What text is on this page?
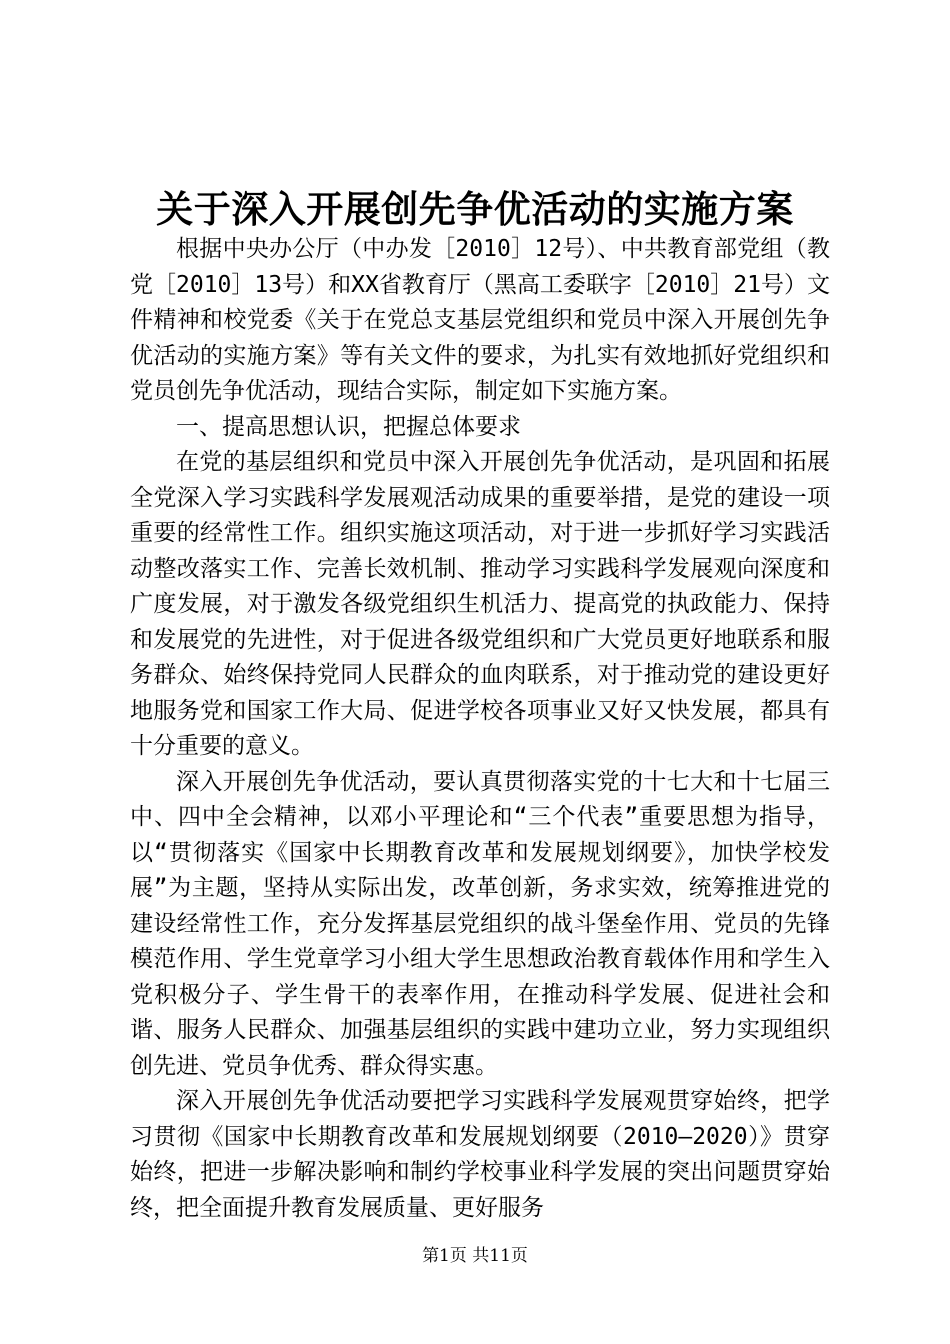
关于深入开展创先争优活动的实施方案

根据中央办公厅（中办发［2010］12号）、中共教育部党组（教党［2010］13号）和XX省教育厅（黑高工委联字［2010］21号）文件精神和校党委《关于在党总支基层党组织和党员中深入开展创先争优活动的实施方案》等有关文件的要求，为扎实有效地抓好党组织和党员创先争优活动，现结合实际，制定如下实施方案。

一、提高思想认识，把握总体要求

在党的基层组织和党员中深入开展创先争优活动，是巩固和拓展全党深入学习实践科学发展观活动成果的重要举措，是党的建设一项重要的经常性工作。组织实施这项活动，对于进一步抓好学习实践活动整改落实工作、完善长效机制、推动学习实践科学发展观向深度和广度发展，对于激发各级党组织生机活力、提高党的执政能力、保持和发展党的先进性，对于促进各级党组织和广大党员更好地联系和服务群众、始终保持党同人民群众的血肉联系，对于推动党的建设更好地服务党和国家工作大局、促进学校各项事业又好又快发展，都具有十分重要的意义。

深入开展创先争优活动，要认真贯彻落实党的十七大和十七届三中、四中全会精神，以邓小平理论和“三个代表”重要思想为指导，以“贯彻落实《国家中长期教育改革和发展规划纲要》，加快学校发展”为主题，坚持从实际出发，改革创新，务求实效，统筹推进党的建设经常性工作，充分发挥基层党组织的战斗堡垒作用、党员的先锋模范作用、学生党章学习小组大学生思想政治教育载体作用和学生入党积极分子、学生骨干的表率作用，在推动科学发展、促进社会和谐、服务人民群众、加强基层组织的实践中建功立业，努力实现组织创先进、党员争优秀、群众得实惠。

深入开展创先争优活动要把学习实践科学发展观贯穿始终，把学习贯彻《国家中长期教育改革和发展规划纲要（2010—2020）》贯穿始终，把进一步解决影响和制约学校事业科学发展的突出问题贯穿始终，把全面提升教育发展质量、更好服务

第1页 共11页
